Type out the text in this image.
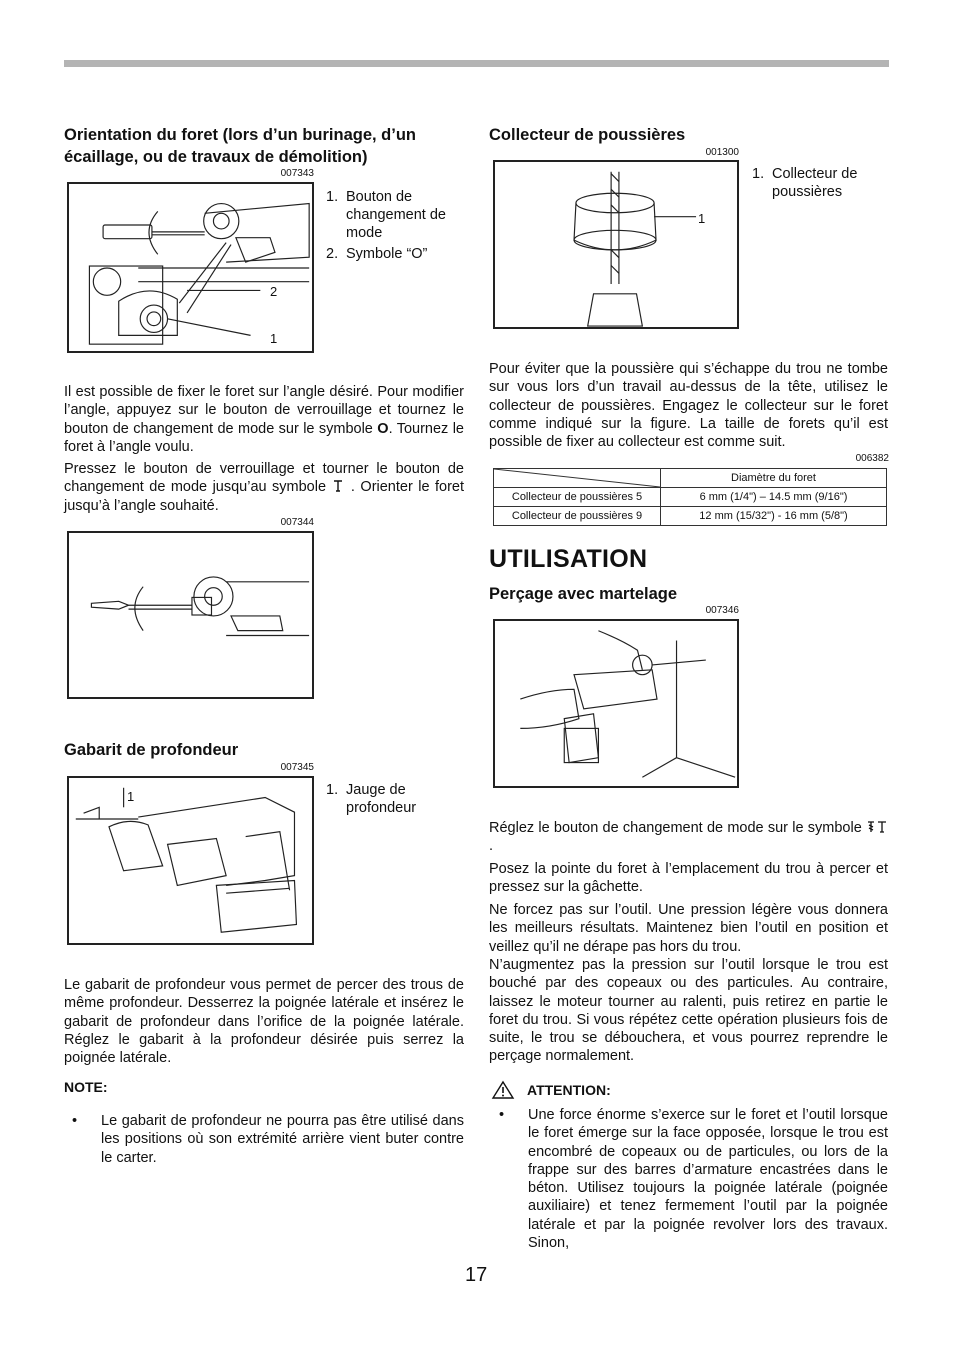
Orientation du foret (lors d’un burinage, d’un écaillage, ou de travaux de démolition)
007343
2
1
1. Bouton de changement de mode
2. Symbole “O”

Il est possible de fixer le foret sur l’angle désiré. Pour modifier l’angle, appuyez sur le bouton de verrouillage et tournez le bouton de changement de mode sur le symbole O. Tournez le foret à l’angle voulu.

Pressez le bouton de verrouillage et tourner le bouton de changement de mode jusqu’au symbole  . Orienter le foret jusqu’à l’angle souhaité.

007344
Gabarit de profondeur
007345
1	1. Jauge de profondeur

Le gabarit de profondeur vous permet de percer des trous de même profondeur. Desserrez la poignée latérale et insérez le gabarit de profondeur dans l’orifice de la poignée latérale. Réglez le gabarit à la profondeur désirée puis serrez la poignée latérale.

NOTE:
•	Le gabarit de profondeur ne pourra pas être utilisé dans les positions où son extrémité arrière vient buter contre le carter.
Collecteur de poussières
001300
1
1. Collecteur de poussières

Pour éviter que la poussière qui s’échappe du trou ne tombe sur vous lors d’un travail au-dessus de la tête, utilisez le collecteur de poussières. Engagez le collecteur sur le foret comme indiqué sur la figure. La taille de forets qu’il est possible de fixer au collecteur est comme suit.

006382
	Diamètre du foret
Collecteur de poussières 5	6 mm (1/4") – 14.5 mm (9/16")
Collecteur de poussières 9	12 mm (15/32") - 16 mm (5/8")
UTILISATION
Perçage avec martelage
007346

Réglez le bouton de changement de mode sur le symbole  .

Posez la pointe du foret à l’emplacement du trou à percer et pressez sur la gâchette.

Ne forcez pas sur l’outil. Une pression légère vous donnera les meilleurs résultats. Maintenez bien l’outil en position et veillez qu’il ne dérape pas hors du trou.

N’augmentez pas la pression sur l’outil lorsque le trou est bouché par des copeaux ou des particules. Au contraire, laissez le moteur tourner au ralenti, puis retirez en partie le foret du trou. Si vous répétez cette opération plusieurs fois de suite, le trou se débouchera, et vous pourrez reprendre le perçage normalement.

ATTENTION:
•	Une force énorme s’exerce sur le foret et l’outil lorsque le foret émerge sur la face opposée, lorsque le trou est encombré de copeaux ou de particules, ou lors de la frappe sur des barres d’armature encastrées dans le béton. Utilisez toujours la poignée latérale (poignée auxiliaire) et tenez fermement l’outil par la poignée latérale et par la poignée revolver lors des travaux. Sinon,
17
